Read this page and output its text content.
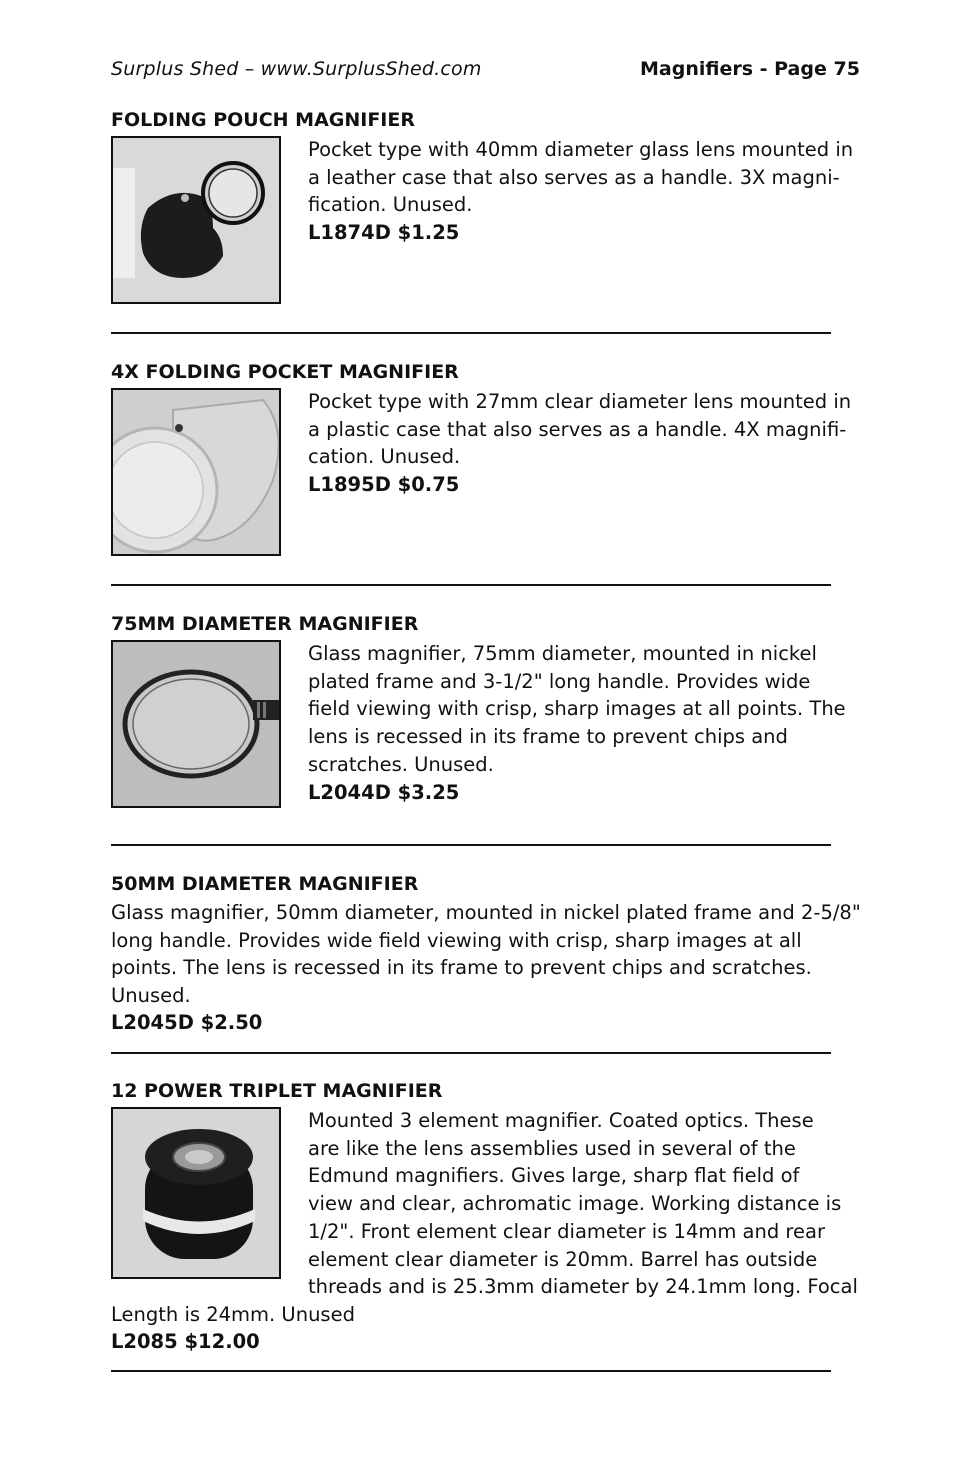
Surplus Shed – www.SurplusShed.com	Magnifiers - Page 75
FOLDING POUCH MAGNIFIER
Pocket type with 40mm diameter glass lens mounted in
a leather case that also serves as a handle. 3X magni-
fication. Unused.
L1874D $1.25
4X FOLDING POCKET MAGNIFIER
Pocket type with 27mm clear diameter lens mounted in
a plastic case that also serves as a handle. 4X magnifi-
cation. Unused.
L1895D $0.75
75MM DIAMETER MAGNIFIER
Glass magnifier, 75mm diameter, mounted in nickel
plated frame and 3-1/2" long handle. Provides wide
field viewing with crisp, sharp images at all points. The
lens is recessed in its frame to prevent chips and
scratches. Unused.
L2044D $3.25
50MM DIAMETER MAGNIFIER
Glass magnifier, 50mm diameter, mounted in nickel plated frame and 2-5/8"
long handle. Provides wide field viewing with crisp, sharp images at all
points. The lens is recessed in its frame to prevent chips and scratches.
Unused.
L2045D $2.50
12 POWER TRIPLET MAGNIFIER
Mounted 3 element magnifier. Coated optics. These
are like the lens assemblies used in several of the
Edmund magnifiers. Gives large, sharp flat field of
view and clear, achromatic image. Working distance is
1/2". Front element clear diameter is 14mm and rear
element clear diameter is 20mm. Barrel has outside
threads and is 25.3mm diameter by 24.1mm long. Focal
Length is 24mm. Unused
L2085 $12.00
